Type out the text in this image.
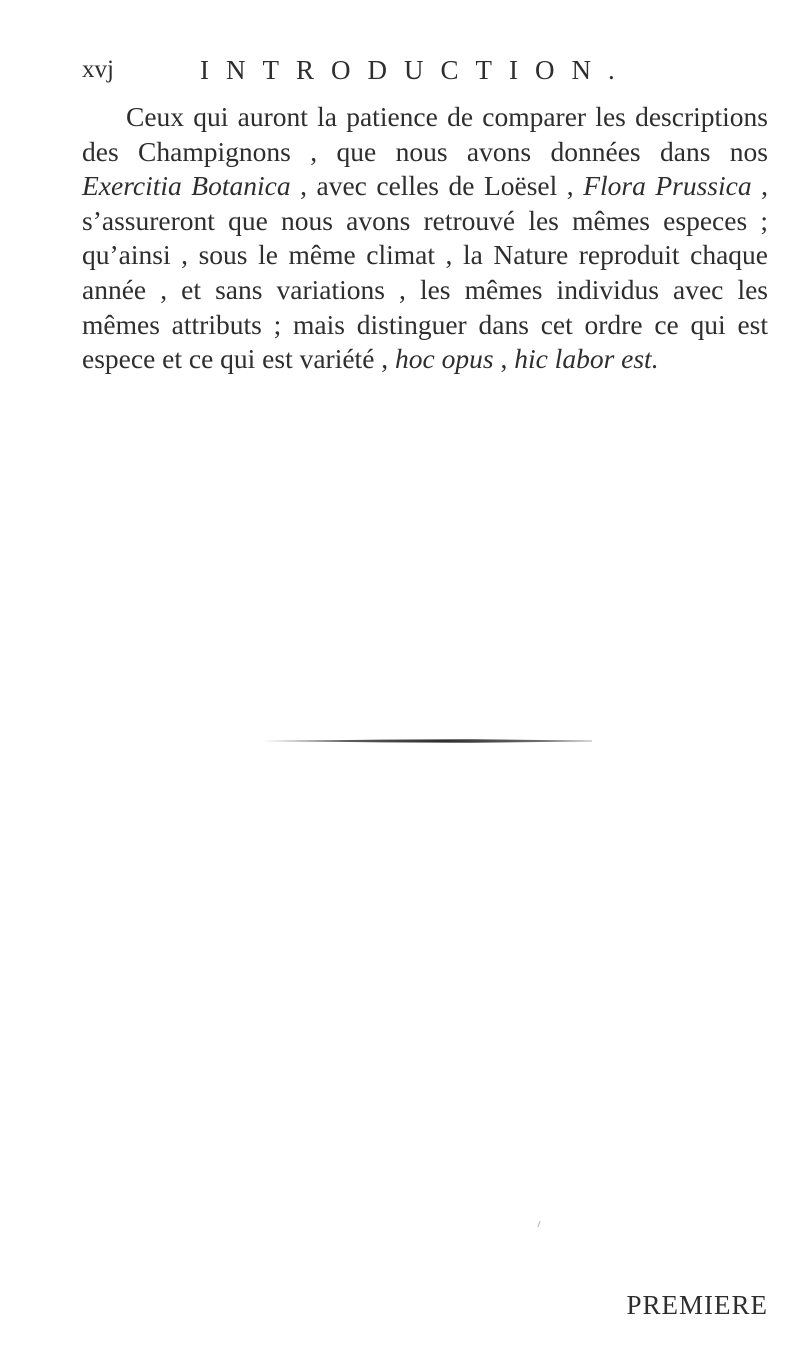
xvj	INTRODUCTION.

Ceux qui auront la patience de comparer les descriptions des Champignons , que nous avons données dans nos Exercitia Botanica , avec celles de Loësel , Flora Prussica , s’assureront que nous avons retrouvé les mêmes especes ; qu’ainsi , sous le même climat , la Nature reproduit chaque année , et sans variations , les mêmes individus avec les mêmes attributs ; mais distinguer dans cet ordre ce qui est espece et ce qui est variété , hoc opus , hic labor est.

PREMIERE
